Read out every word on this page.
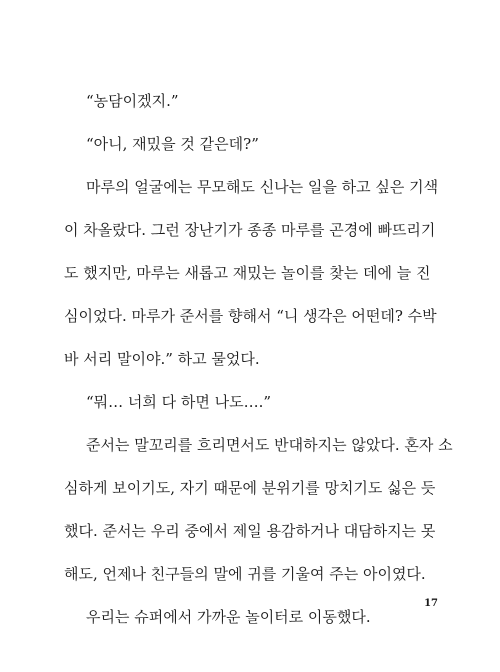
“농담이겠지.”
“아니, 재밌을 것 같은데?”
마루의 얼굴에는 무모해도 신나는 일을 하고 싶은 기색
이 차올랐다. 그런 장난기가 종종 마루를 곤경에 빠뜨리기
도 했지만, 마루는 새롭고 재밌는 놀이를 찾는 데에 늘 진
심이었다. 마루가 준서를 향해서 “니 생각은 어떤데? 수박
바 서리 말이야.” 하고 물었다.
“뭐… 너희 다 하면 나도….”
준서는 말꼬리를 흐리면서도 반대하지는 않았다. 혼자 소
심하게 보이기도, 자기 때문에 분위기를 망치기도 싫은 듯
했다. 준서는 우리 중에서 제일 용감하거나 대담하지는 못
해도, 언제나 친구들의 말에 귀를 기울여 주는 아이였다.
우리는 슈퍼에서 가까운 놀이터로 이동했다.
17
